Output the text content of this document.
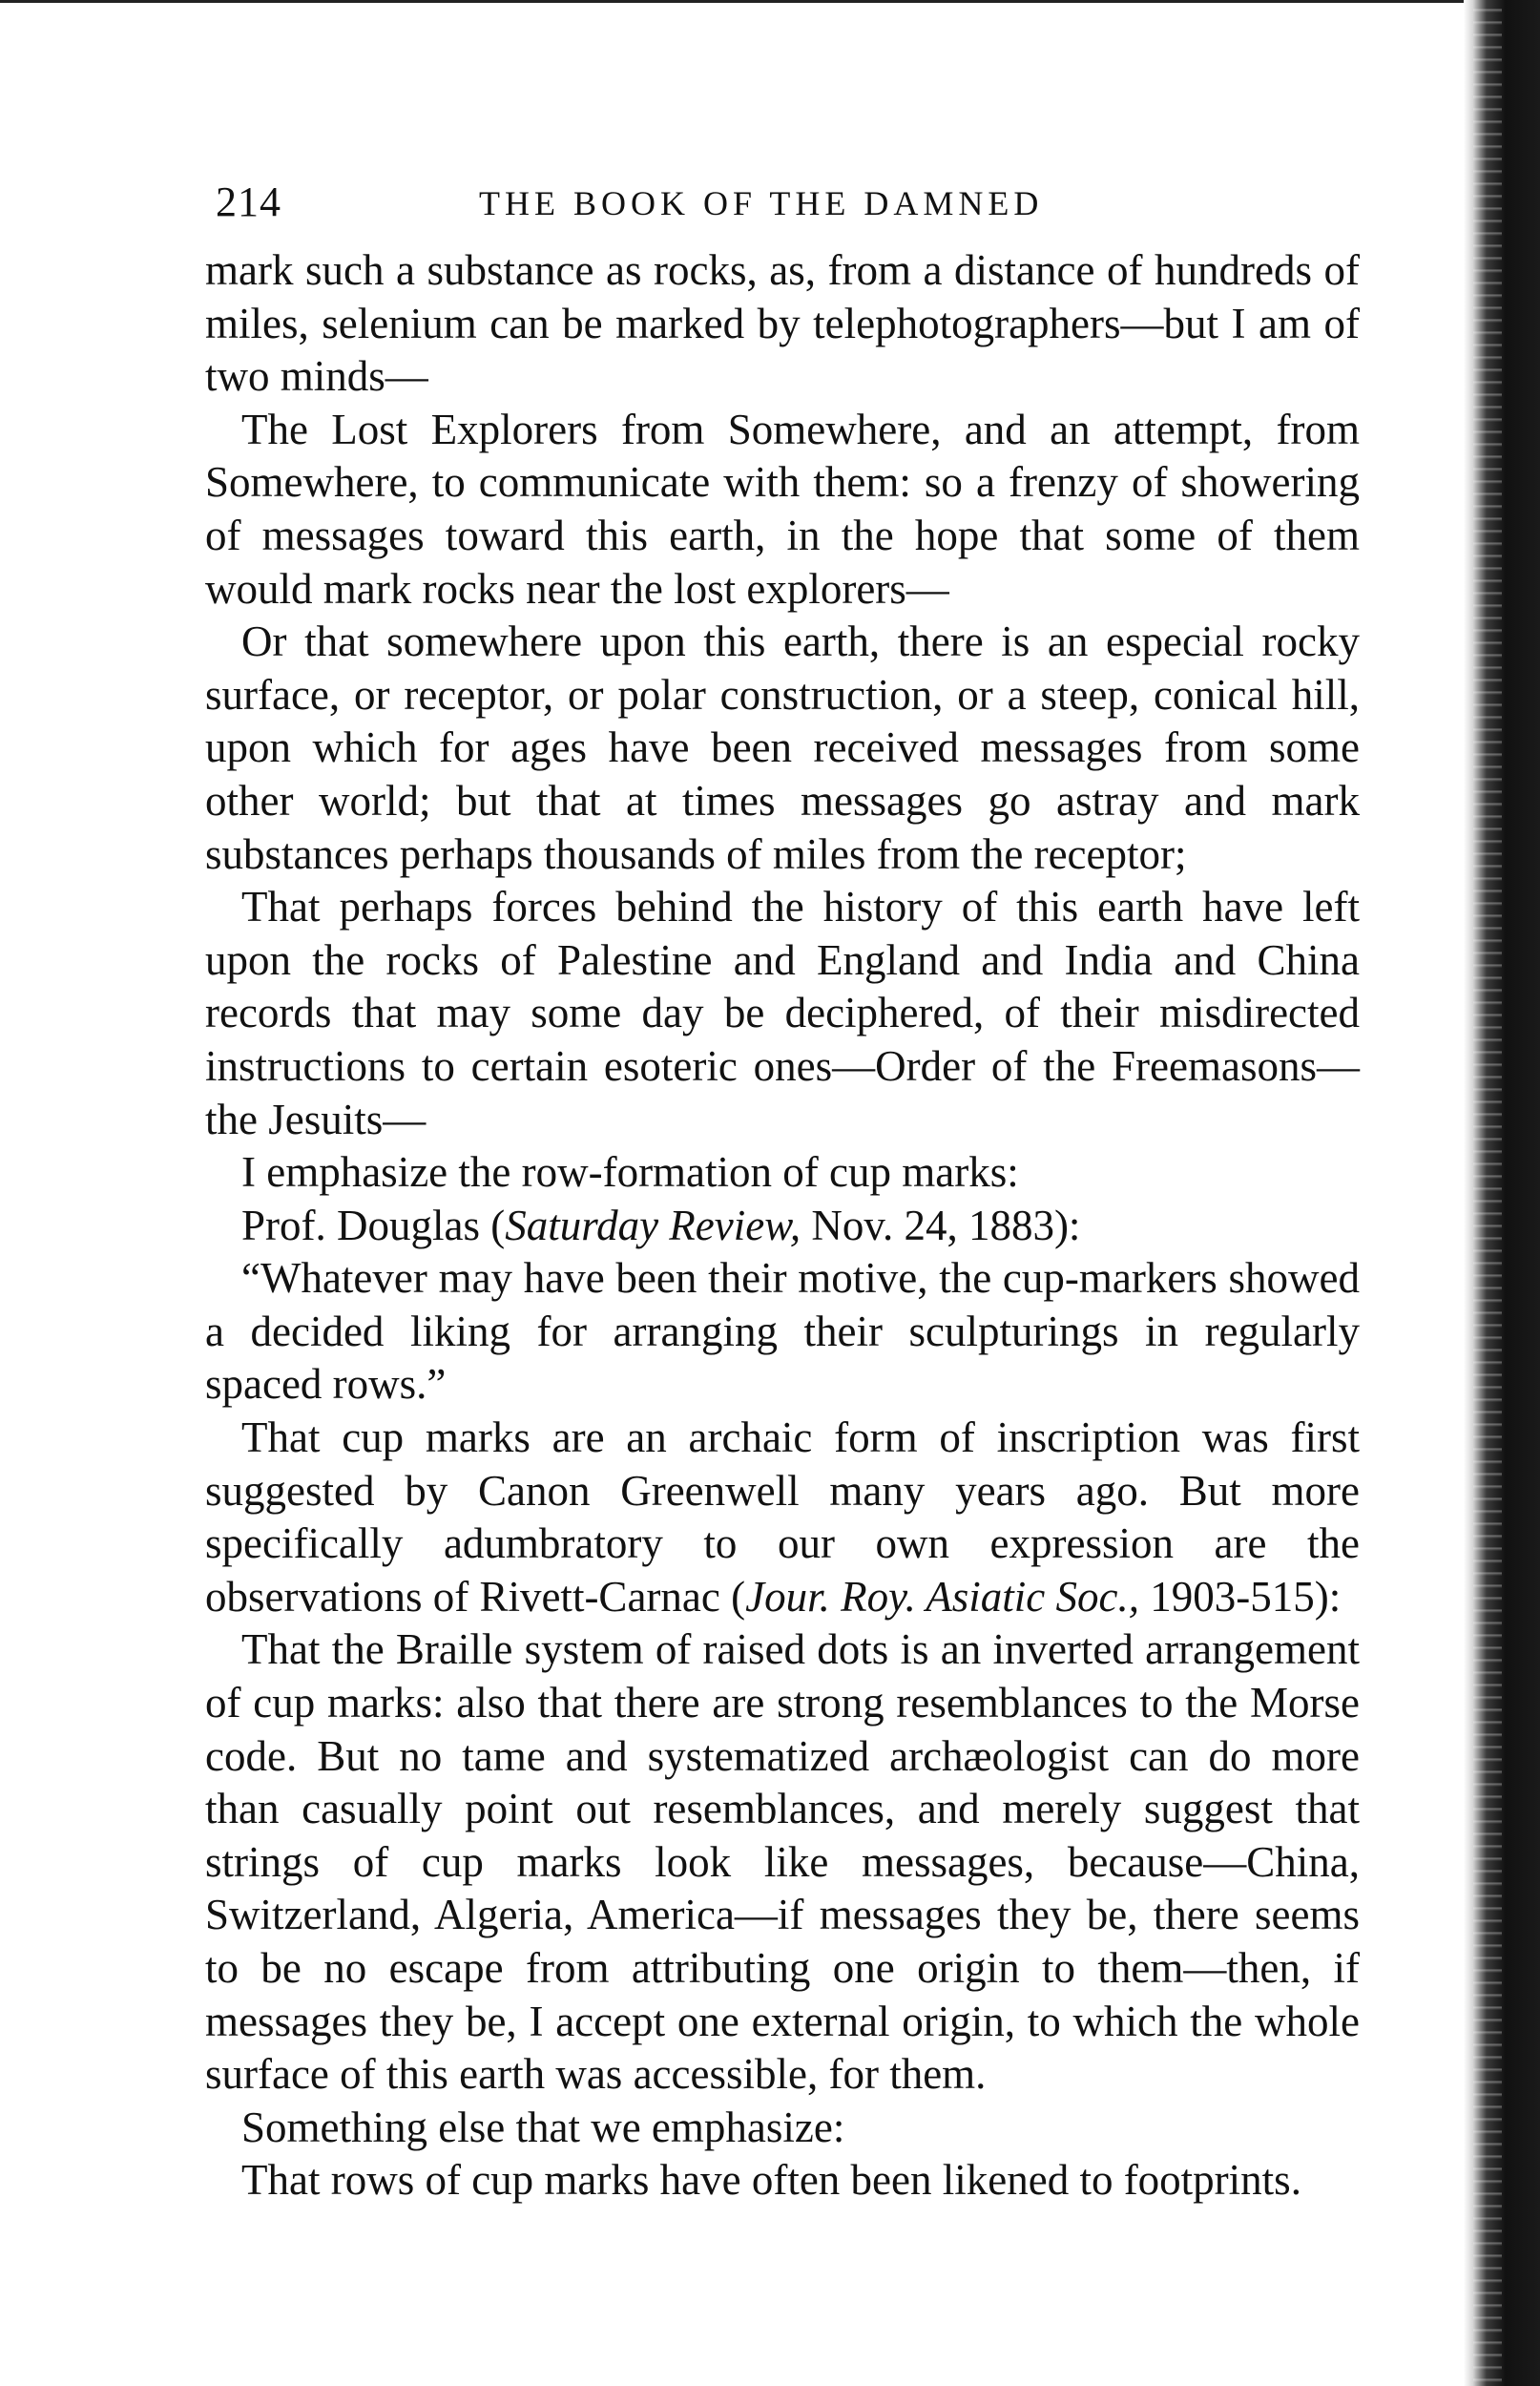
214	THE BOOK OF THE DAMNED

mark such a substance as rocks, as, from a distance of hundreds of miles, selenium can be marked by telephotographers—but I am of two minds—

The Lost Explorers from Somewhere, and an attempt, from Somewhere, to communicate with them: so a frenzy of showering of messages toward this earth, in the hope that some of them would mark rocks near the lost explorers—

Or that somewhere upon this earth, there is an especial rocky surface, or receptor, or polar construction, or a steep, conical hill, upon which for ages have been received messages from some other world; but that at times messages go astray and mark substances perhaps thousands of miles from the receptor;

That perhaps forces behind the history of this earth have left upon the rocks of Palestine and England and India and China records that may some day be deciphered, of their misdirected instructions to certain esoteric ones—Order of the Freemasons—the Jesuits—

I emphasize the row-formation of cup marks:

Prof. Douglas (Saturday Review, Nov. 24, 1883):

“Whatever may have been their motive, the cup-markers showed a decided liking for arranging their sculpturings in regularly spaced rows.”

That cup marks are an archaic form of inscription was first suggested by Canon Greenwell many years ago. But more specifically adumbratory to our own expression are the observations of Rivett-Carnac (Jour. Roy. Asiatic Soc., 1903-515):

That the Braille system of raised dots is an inverted arrangement of cup marks: also that there are strong resemblances to the Morse code. But no tame and systematized archæologist can do more than casually point out resemblances, and merely suggest that strings of cup marks look like messages, because—China, Switzerland, Algeria, America—if messages they be, there seems to be no escape from attributing one origin to them—then, if messages they be, I accept one external origin, to which the whole surface of this earth was accessible, for them.

Something else that we emphasize:

That rows of cup marks have often been likened to footprints.
